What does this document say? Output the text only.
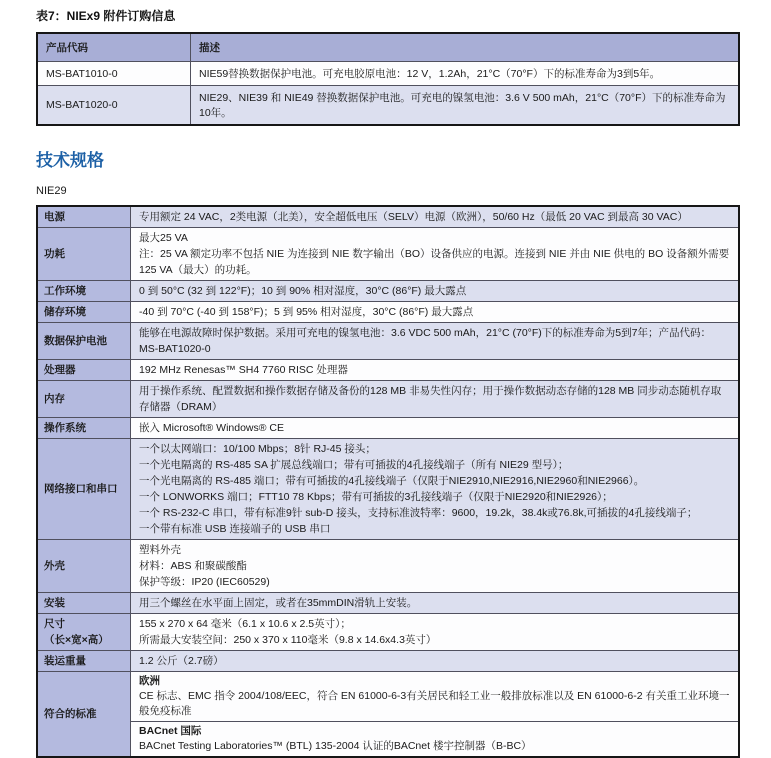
表7：NIEx9 附件订购信息
产品代码	描述
MS-BAT1010-0	NIE59替换数据保护电池。可充电胶原电池：12 V，1.2Ah，21°C（70°F）下的标准寿命为3到5年。
MS-BAT1020-0	NIE29、NIE39 和 NIE49 替换数据保护电池。可充电的镍氢电池：3.6 V 500 mAh，21°C（70°F）下的标准寿命为10年。
技术规格
NIE29
电源	专用额定 24 VAC，2类电源（北美），安全超低电压（SELV）电源（欧洲），50/60 Hz（最低 20 VAC 到最高 30 VAC）
功耗	最大25 VA
注：25 VA 额定功率不包括 NIE 为连接到 NIE 数字输出（BO）设备供应的电源。连接到 NIE 并由 NIE 供电的 BO 设备额外需要125 VA（最大）的功耗。

工作环境	0 到 50°C (32 到 122°F)；10 到 90% 相对湿度，30°C (86°F) 最大露点
储存环境	-40 到 70°C (-40 到 158°F)；5 到 95% 相对湿度，30°C (86°F) 最大露点
数据保护电池	能够在电源故障时保护数据。采用可充电的镍氢电池：3.6 VDC 500 mAh，21°C (70°F)下的标准寿命为5到7年；产品代码：MS-BAT1020-0
处理器	192 MHz Renesas™ SH4 7760 RISC 处理器
内存	用于操作系统、配置数据和操作数据存储及备份的128 MB 非易失性闪存；用于操作数据动态存储的128 MB 同步动态随机存取存储器（DRAM）
操作系统	嵌入 Microsoft® Windows® CE
网络接口和串口	
一个以太网端口：10/100 Mbps；8针 RJ-45 接头；
一个光电隔离的 RS-485 SA 扩展总线端口；带有可插拔的4孔接线端子（所有 NIE29 型号）；
一个光电隔离的 RS-485 端口；带有可插拔的4孔接线端子（仅限于NIE2910,NIE2916,NIE2960和NIE2966）。
一个 LONWORKS 端口；FTT10 78 Kbps；带有可插拔的3孔接线端子（仅限于NIE2920和NIE2926）；
一个 RS-232-C 串口，带有标准9针 sub-D 接头，支持标准波特率：9600，19.2k，38.4k或76.8k,可插拔的4孔接线端子；
一个带有标准 USB 连接端子的 USB 串口

外壳	塑料外壳
材料：ABS 和聚碳酸酯
保护等级：IP20 (IEC60529)

安装	用三个螺丝在水平面上固定，或者在35mmDIN滑轨上安装。

尺寸
（长×宽×高）	155 x 270 x 64 毫米（6.1 x 10.6 x 2.5英寸）；
所需最大安装空间：250 x 370 x 110毫米（9.8 x 14.6x4.3英寸）

装运重量	1.2 公斤（2.7磅）
符合的标准	欧洲
CE 标志、EMC 指令 2004/108/EEC，符合 EN 61000-6-3有关居民和轻工业一般排放标准以及 EN 61000-6-2 有关重工业环境一般免疫标准

	BACnet 国际
BACnet Testing Laboratories™ (BTL) 135-2004 认证的BACnet 楼宇控制器（B-BC）
